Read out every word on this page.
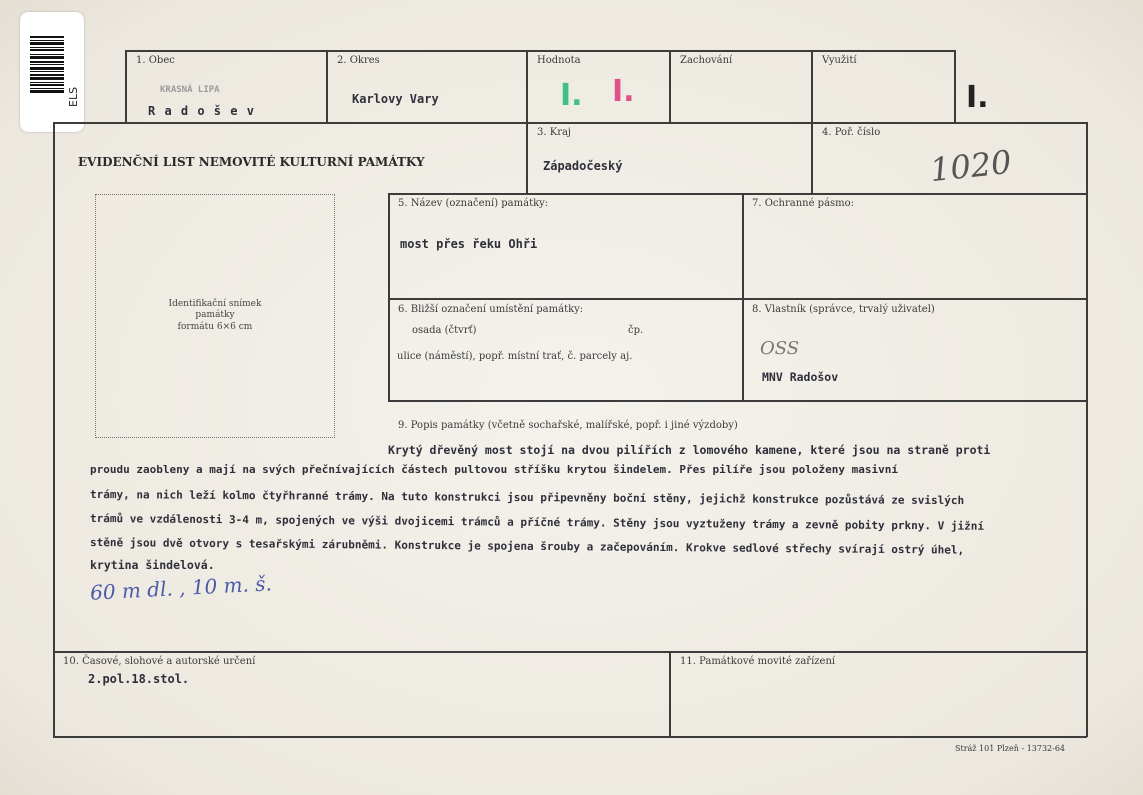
ELS
1. Obec
KRASNÁ LIPA
R a d o š e v
2. Okres
Karlovy Vary
Hodnota
I. I.
Zachování	Využití
I.
EVIDENČNÍ LIST NEMOVITÉ KULTURNÍ PAMÁTKY
3. Kraj
Západočeský
4. Poř. číslo
1020
Identifikační snímek
památky
formátu 6×6 cm
5. Název (označení) památky:
most přes řeku Ohři
7. Ochranné pásmo:
6. Bližší označení umístění památky:
osada (čtvrť)	čp.
ulice (náměstí), popř. místní trať, č. parcely aj.
8. Vlastník (správce, trvalý uživatel)
OSS
MNV Radošov
9. Popis památky (včetně sochařské, malířské, popř. i jiné výzdoby)
Krytý dřevěný most stojí na dvou pilířích z lomového kamene, které jsou na straně proti
proudu zaobleny a mají na svých přečnívajících částech pultovou stříšku krytou šindelem. Přes pilíře jsou položeny masivní
trámy, na nich leží kolmo čtyřhranné trámy. Na tuto konstrukci jsou připevněny boční stěny, jejichž konstrukce pozůstává ze svislých
trámů ve vzdálenosti 3-4 m, spojených ve výši dvojicemi trámců a příčné trámy. Stěny jsou vyztuženy trámy a zevně pobity prkny. V jižní
stěně jsou dvě otvory s tesařskými zárubněmi. Konstrukce je spojena šrouby a začepováním. Krokve sedlové střechy svírají ostrý úhel,
krytina šindelová.
60 m dl. , 10 m. š.
10. Časové, slohové a autorské určení
2.pol.18.stol.
11. Památkové movité zařízení
Stráž 101 Plzeň - 13732-64
